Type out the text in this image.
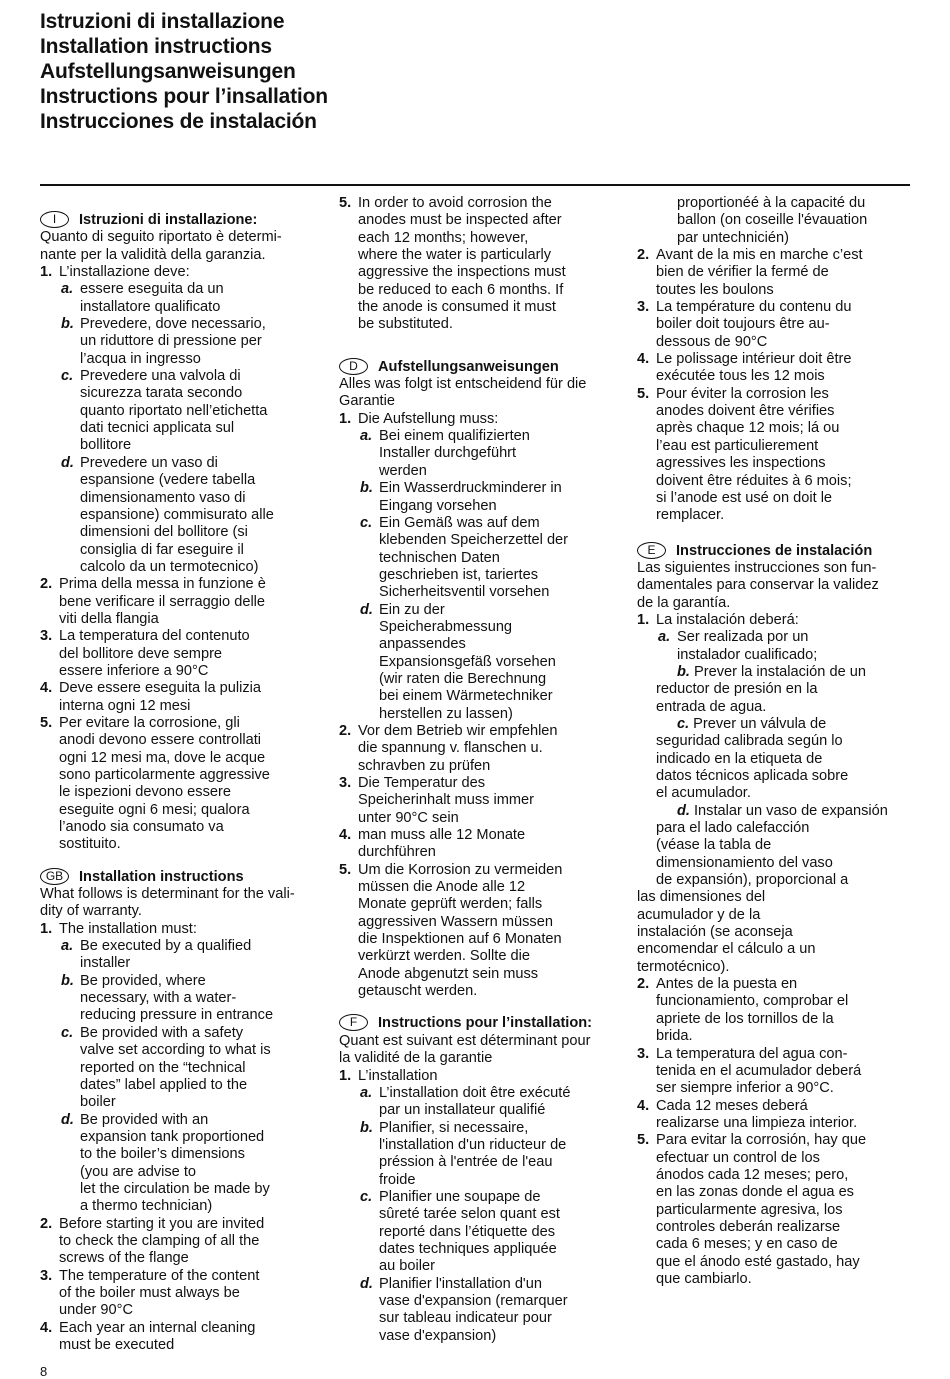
Istruzioni di installazione
Installation instructions
Aufstellungsanweisungen
Instructions pour l’insallation
Instrucciones de instalación
I Istruzioni di installazione:
Quanto di seguito riportato è determi-
nante per la validità della garanzia.
1. L’installazione deve:
a. essere eseguita da un
installatore qualificato
b. Prevedere, dove necessario,
un riduttore di pressione per
l’acqua in ingresso
c. Prevedere una valvola di
sicurezza tarata secondo
quanto riportato nell’etichetta
dati tecnici applicata sul
bollitore
d. Prevedere un vaso di
espansione (vedere tabella
dimensionamento vaso di
espansione) commisurato alle
dimensioni del bollitore (si
consiglia di far eseguire il
calcolo da un termotecnico)
2. Prima della messa in funzione è
bene verificare il serraggio delle
viti della flangia
3. La temperatura del contenuto
del bollitore deve sempre
essere inferiore a 90°C
4. Deve essere eseguita la pulizia
interna ogni 12 mesi
5. Per evitare la corrosione, gli
anodi devono essere controllati
ogni 12 mesi ma, dove le acque
sono particolarmente aggressive
le ispezioni devono essere
eseguite ogni 6 mesi; qualora
l’anodo sia consumato va
sostituito.
GB Installation instructions
What follows is determinant for the vali-
dity of warranty.
1. The installation must:
a. Be executed by a qualified
installer
b. Be provided, where
necessary, with a water-
reducing pressure in entrance
c. Be provided with a safety
valve set according to what is
reported on the “technical
dates” label applied to the
boiler
d. Be provided with an
expansion tank proportioned
to the boiler’s dimensions
(you are advise to
let the circulation be made by
a thermo technician)
2. Before starting it you are invited
to check the clamping of all the
screws of the flange
3. The temperature of the content
of the boiler must always be
under 90°C
4. Each year an internal cleaning
must be executed
5. In order to avoid corrosion the
anodes must be inspected after
each 12 months; however,
where the water is particularly
aggressive the inspections must
be reduced to each 6 months. If
the anode is consumed it must
be substituted.
D Aufstellungsanweisungen
Alles was folgt ist entscheidend für die
Garantie
1. Die Aufstellung muss:
a. Bei einem qualifizierten
Installer durchgeführt
werden
b. Ein Wasserdruckminderer in
Eingang vorsehen
c. Ein Gemäß was auf dem
klebenden Speicherzettel der
technischen Daten
geschrieben ist, tariertes
Sicherheitsventil vorsehen
d. Ein zu der
Speicherabmessung
anpassendes
Expansionsgefäß vorsehen
(wir raten die Berechnung
bei einem Wärmetechniker
herstellen zu lassen)
2. Vor dem Betrieb wir empfehlen
die spannung v. flanschen u.
schravben zu prüfen
3. Die Temperatur des
Speicherinhalt muss immer
unter 90°C sein
4. man muss alle 12 Monate
durchführen
5. Um die Korrosion zu vermeiden
müssen die Anode alle 12
Monate geprüft werden; falls
aggressiven Wassern müssen
die Inspektionen auf 6 Monaten
verkürzt werden. Sollte die
Anode abgenutzt sein muss
getauscht werden.
F Instructions pour l’installation:
Quant est suivant est déterminant pour
la validité de la garantie
1. L’installation
a. L’installation doit être exécuté
par un installateur qualifié
b. Planifier, si necessaire,
l'installation d'un riducteur de
préssion à l'entrée de l'eau
froide
c. Planifier une soupape de
sûreté tarée selon quant est
reporté dans l’étiquette des
dates techniques appliquée
au boiler
d. Planifier l'installation d'un
vase d'expansion (remarquer
sur tableau indicateur pour
vase d'expansion)
proportionéé à la capacité du
ballon (on coseille l'évauation
par untechnicién)
2. Avant de la mis en marche c’est
bien de vérifier la fermé de
toutes les boulons
3. La température du contenu du
boiler doit toujours être au-
dessous de 90°C
4. Le polissage intérieur doit être
exécutée tous les 12 mois
5. Pour éviter la corrosion les
anodes doivent être vérifies
après chaque 12 mois; lá ou
l’eau est particulierement
agressives les inspections
doivent être réduites à 6 mois;
si l’anode est usé on doit le
remplacer.
E Instrucciones de instalación
Las siguientes instrucciones son fun-
damentales para conservar la validez
de la garantía.
1. La instalación deberá:
a. Ser realizada por un
instalador cualificado;
b. Prever la instalación de un
reductor de presión en la
entrada de agua.
c. Prever un válvula de
seguridad calibrada según lo
indicado en la etiqueta de
datos técnicos aplicada sobre
el acumulador.
d. Instalar un vaso de expansión
para el lado calefacción
(véase la tabla de
dimensionamiento del vaso
de expansión), proporcional a
las dimensiones del
acumulador y de la
instalación (se aconseja
encomendar el cálculo a un
termotécnico).
2. Antes de la puesta en
funcionamiento, comprobar el
apriete de los tornillos de la
brida.
3. La temperatura del agua con-
tenida en el acumulador deberá
ser siempre inferior a 90°C.
4. Cada 12 meses deberá
realizarse una limpieza interior.
5. Para evitar la corrosión, hay que
efectuar un control de los
ánodos cada 12 meses; pero,
en las zonas donde el agua es
particularmente agresiva, los
controles deberán realizarse
cada 6 meses; y en caso de
que el ánodo esté gastado, hay
que cambiarlo.
8
